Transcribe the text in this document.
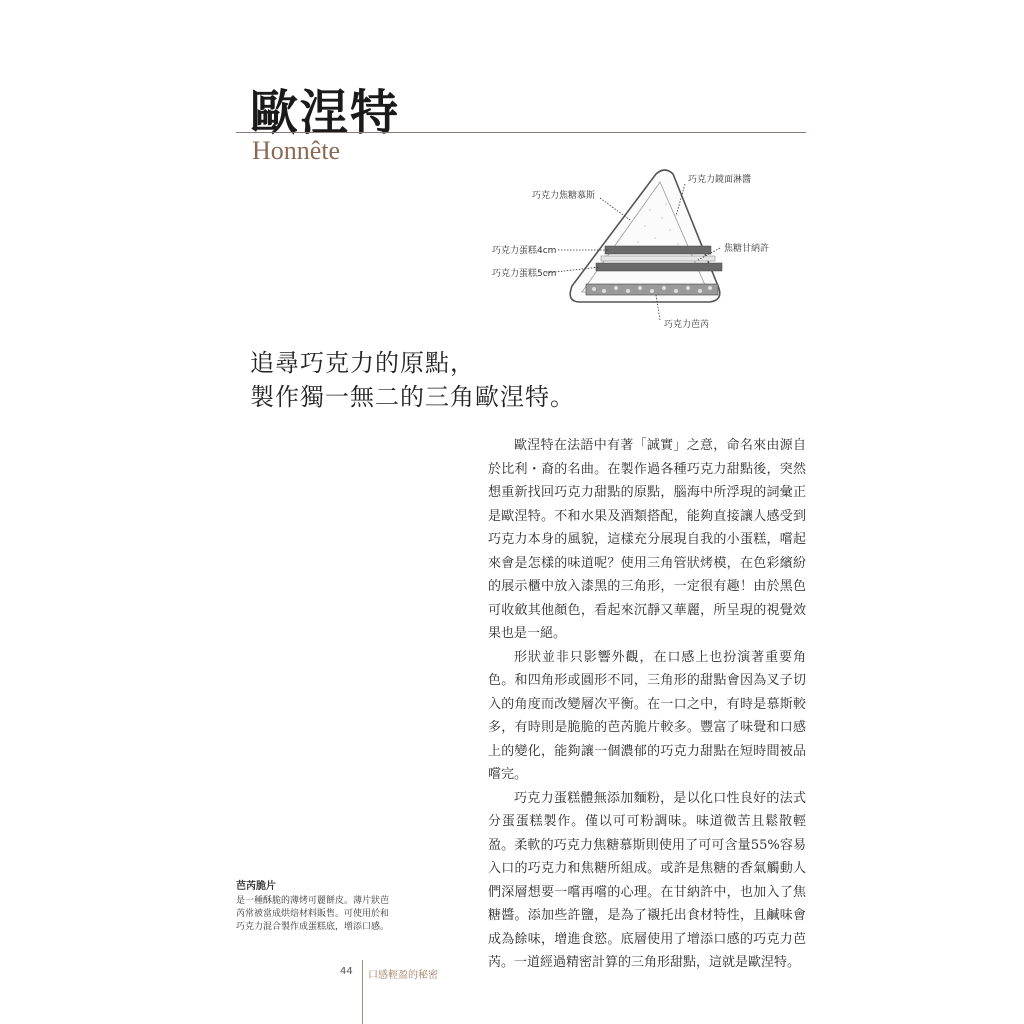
歐涅特
Honnête
巧克力焦糖慕斯
巧克力鏡面淋醬
焦糖甘納許
巧克力蛋糕4cm
巧克力蛋糕5cm
巧克力芭芮
追尋巧克力的原點，
製作獨一無二的三角歐涅特。

歐涅特在法語中有著「誠實」之意，命名來由源自於比利・裔的名曲。在製作過各種巧克力甜點後，突然想重新找回巧克力甜點的原點，腦海中所浮現的詞彙正是歐涅特。不和水果及酒類搭配，能夠直接讓人感受到巧克力本身的風貌，這樣充分展現自我的小蛋糕，嚐起來會是怎樣的味道呢？使用三角管狀烤模，在色彩繽紛的展示櫃中放入漆黑的三角形，一定很有趣！由於黑色可收斂其他顏色，看起來沉靜又華麗，所呈現的視覺效果也是一絕。

形狀並非只影響外觀，在口感上也扮演著重要角色。和四角形或圓形不同，三角形的甜點會因為叉子切入的角度而改變層次平衡。在一口之中，有時是慕斯較多，有時則是脆脆的芭芮脆片較多。豐富了味覺和口感上的變化，能夠讓一個濃郁的巧克力甜點在短時間被品嚐完。

巧克力蛋糕體無添加麵粉，是以化口性良好的法式分蛋蛋糕製作。僅以可可粉調味。味道微苦且鬆散輕盈。柔軟的巧克力焦糖慕斯則使用了可可含量55%容易入口的巧克力和焦糖所組成。或許是焦糖的香氣觸動人們深層想要一嚐再嚐的心理。在甘納許中，也加入了焦糖醬。添加些許鹽，是為了襯托出食材特性，且鹹味會成為餘味，增進食慾。底層使用了增添口感的巧克力芭芮。一道經過精密計算的三角形甜點，這就是歐涅特。

芭芮脆片
是一種酥脆的薄烤可麗餅皮。薄片狀芭芮常被當成烘焙材料販售。可使用於和巧克力混合製作成蛋糕底，增添口感。
44 口感輕盈的秘密
